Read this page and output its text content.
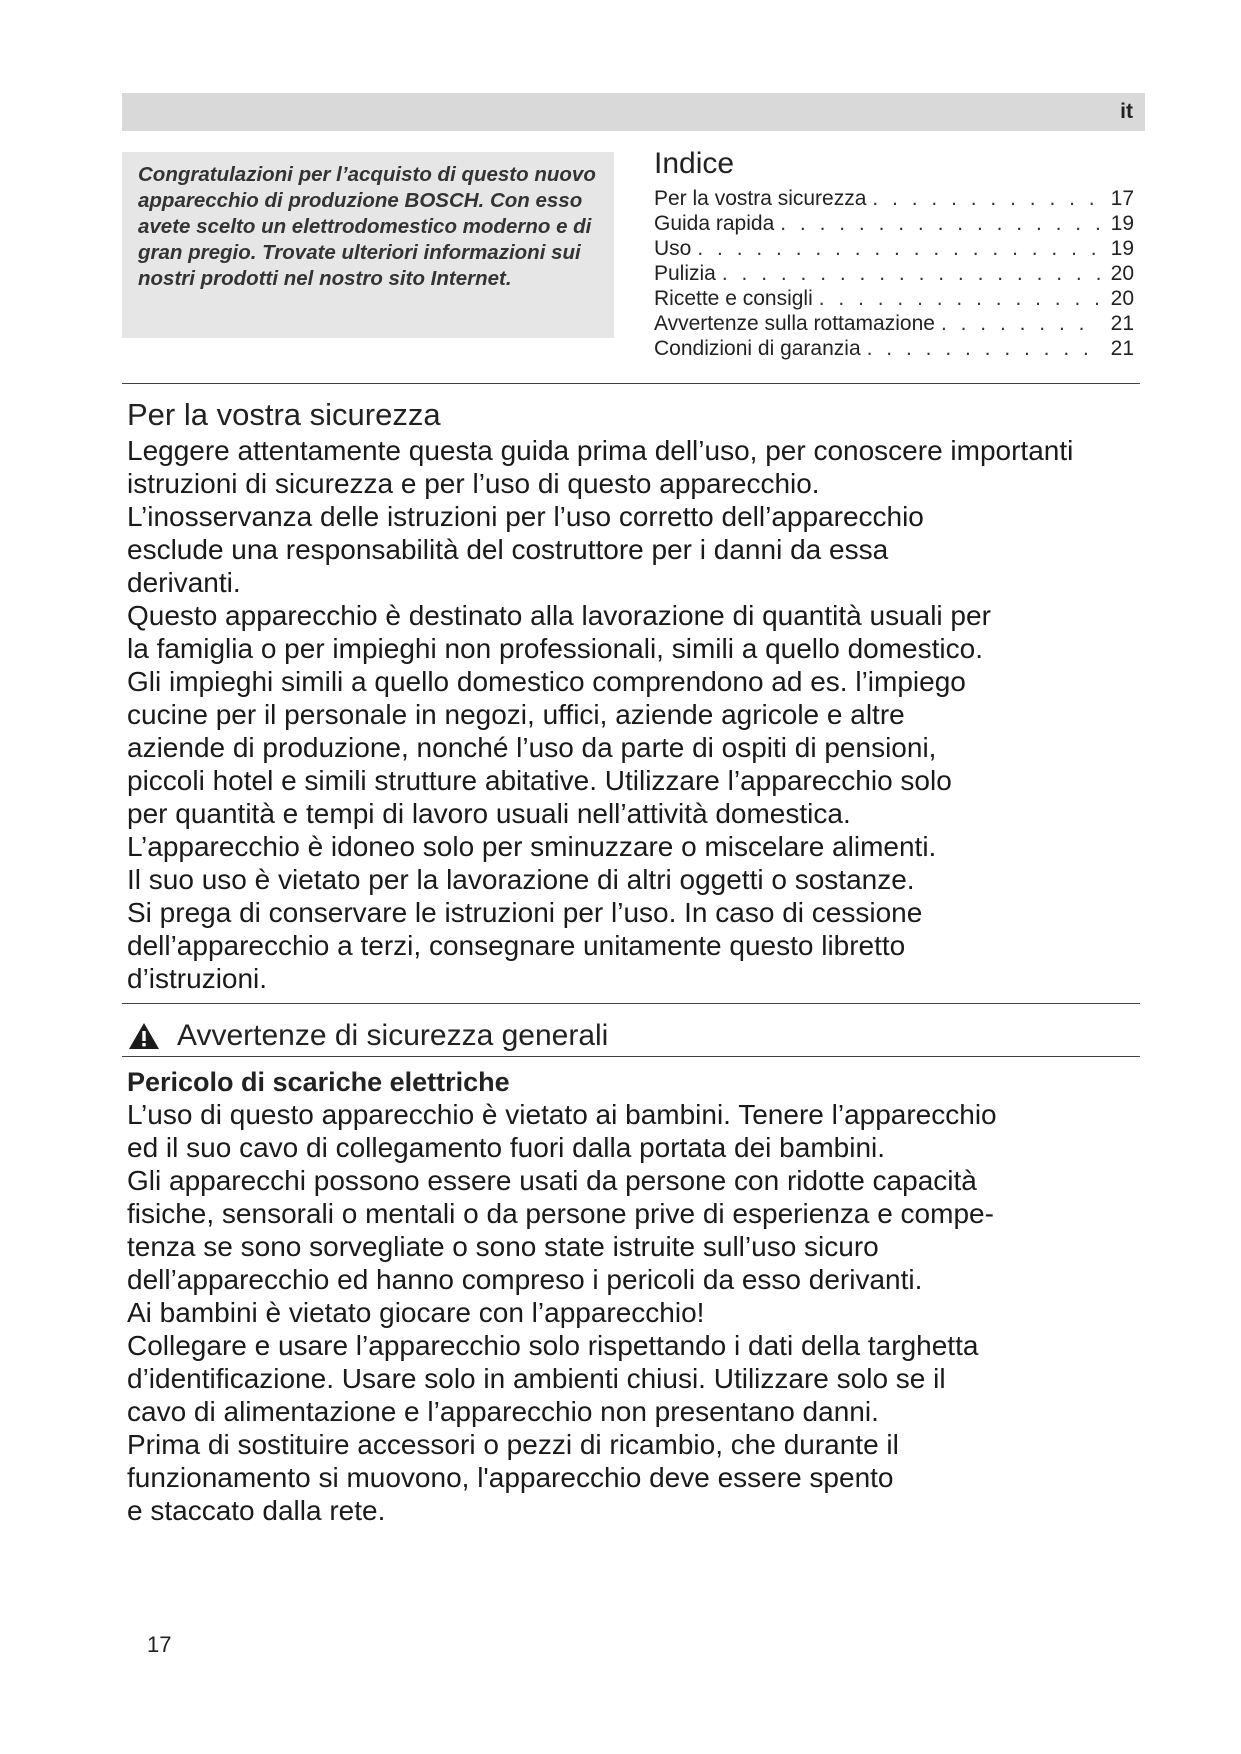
it
Congratulazioni per l’acquisto di questo nuovo apparecchio di produzione BOSCH. Con esso avete scelto un elettrodomestico moderno e di gran pregio. Trovate ulteriori informazioni sui nostri prodotti nel nostro sito Internet.
Indice
Per la vostra sicurezza . . .	17
Guida rapida . . .	19
Uso . . .	19
Pulizia . . .	20
Ricette e consigli . . .	20
Avvertenze sulla rottamazione . . .	21
Condizioni di garanzia . . .	21
Per la vostra sicurezza

Leggere attentamente questa guida prima dell’uso, per conoscere importanti istruzioni di sicurezza e per l’uso di questo apparecchio.

L’inosservanza delle istruzioni per l’uso corretto dell’apparecchio
esclude una responsabilità del costruttore per i danni da essa
derivanti.
Questo apparecchio è destinato alla lavorazione di quantità usuali per
la famiglia o per impieghi non professionali, simili a quello domestico.
Gli impieghi simili a quello domestico comprendono ad es. l’impiego
cucine per il personale in negozi, uffici, aziende agricole e altre
aziende di produzione, nonché l’uso da parte di ospiti di pensioni,
piccoli hotel e simili strutture abitative. Utilizzare l’apparecchio solo
per quantità e tempi di lavoro usuali nell’attività domestica.
L’apparecchio è idoneo solo per sminuzzare o miscelare alimenti.
Il suo uso è vietato per la lavorazione di altri oggetti o sostanze.
Si prega di conservare le istruzioni per l’uso. In caso di cessione
dell’apparecchio a terzi, consegnare unitamente questo libretto
d’istruzioni.

Avvertenze di sicurezza generali
Pericolo di scariche elettriche

L’uso di questo apparecchio è vietato ai bambini. Tenere l’apparecchio
ed il suo cavo di collegamento fuori dalla portata dei bambini.
Gli apparecchi possono essere usati da persone con ridotte capacità
fisiche, sensorali o mentali o da persone prive di esperienza e compe-
tenza se sono sorvegliate o sono state istruite sull’uso sicuro
dell’apparecchio ed hanno compreso i pericoli da esso derivanti.
Ai bambini è vietato giocare con l’apparecchio!
Collegare e usare l’apparecchio solo rispettando i dati della targhetta
d’identificazione. Usare solo in ambienti chiusi. Utilizzare solo se il
cavo di alimentazione e l’apparecchio non presentano danni.
Prima di sostituire accessori o pezzi di ricambio, che durante il
funzionamento si muovono, l'apparecchio deve essere spento
e staccato dalla rete.

17
